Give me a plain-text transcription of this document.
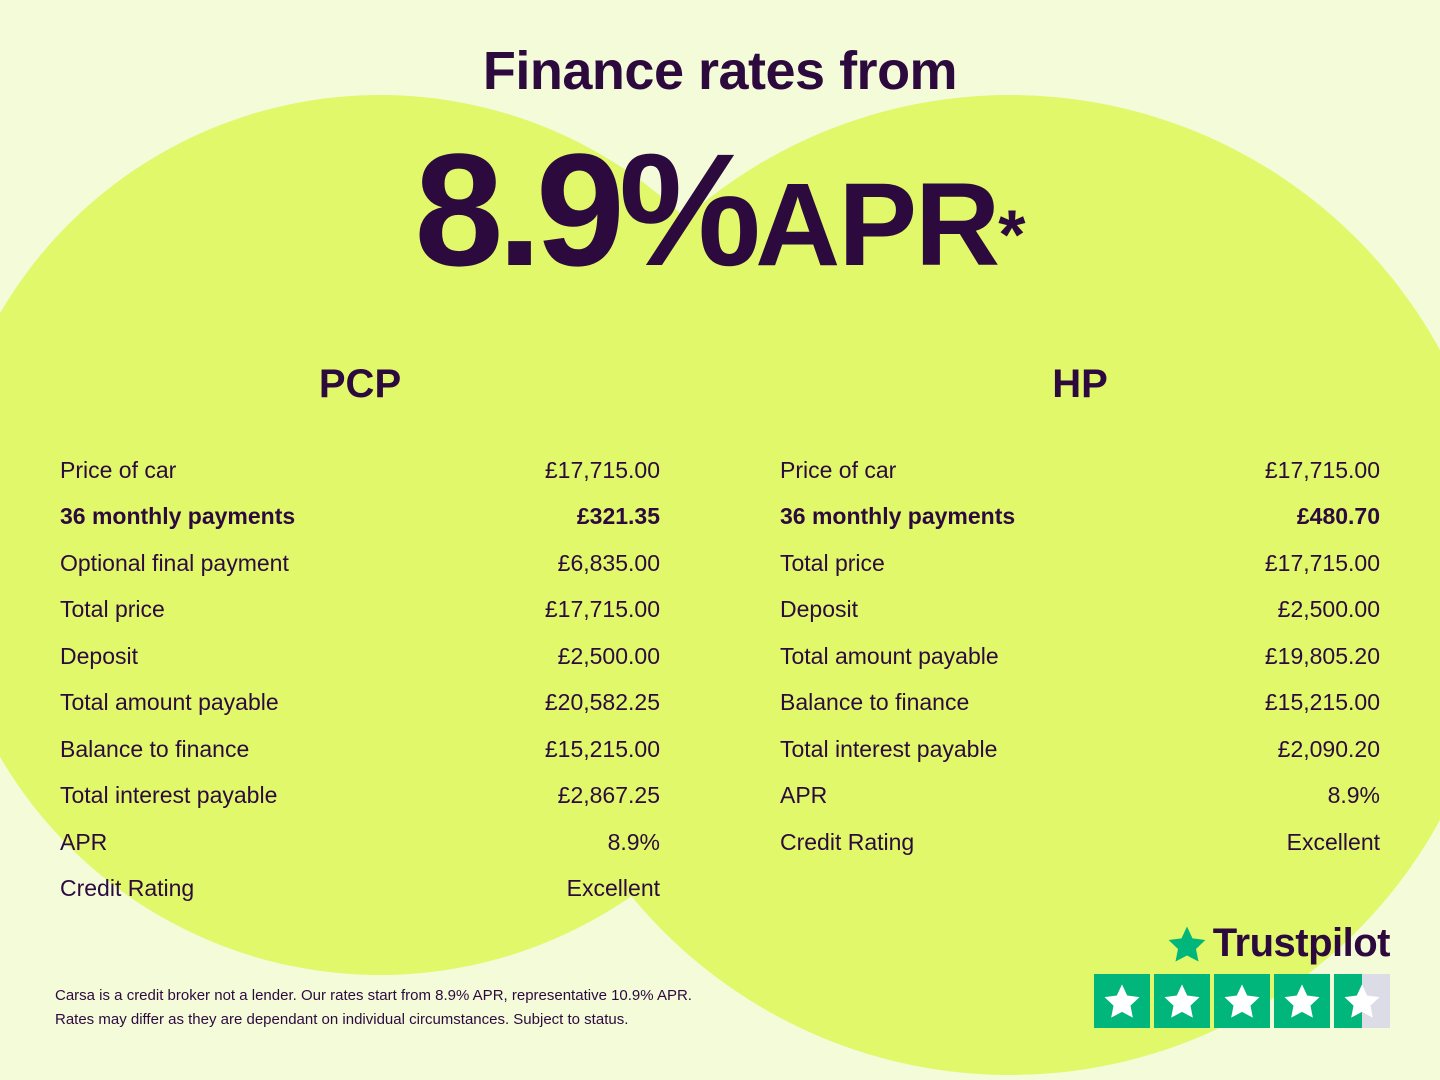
Finance rates from
8.9%APR*
PCP
Price of car	£17,715.00
36 monthly payments	£321.35
Optional final payment	£6,835.00
Total price	£17,715.00
Deposit	£2,500.00
Total amount payable	£20,582.25
Balance to finance	£15,215.00
Total interest payable	£2,867.25
APR	8.9%
Credit Rating	Excellent
HP
Price of car	£17,715.00
36 monthly payments	£480.70
Total price	£17,715.00
Deposit	£2,500.00
Total amount payable	£19,805.20
Balance to finance	£15,215.00
Total interest payable	£2,090.20
APR	8.9%
Credit Rating	Excellent
Carsa is a credit broker not a lender. Our rates start from 8.9% APR, representative 10.9% APR.
Rates may differ as they are dependant on individual circumstances. Subject to status.
Trustpilot
